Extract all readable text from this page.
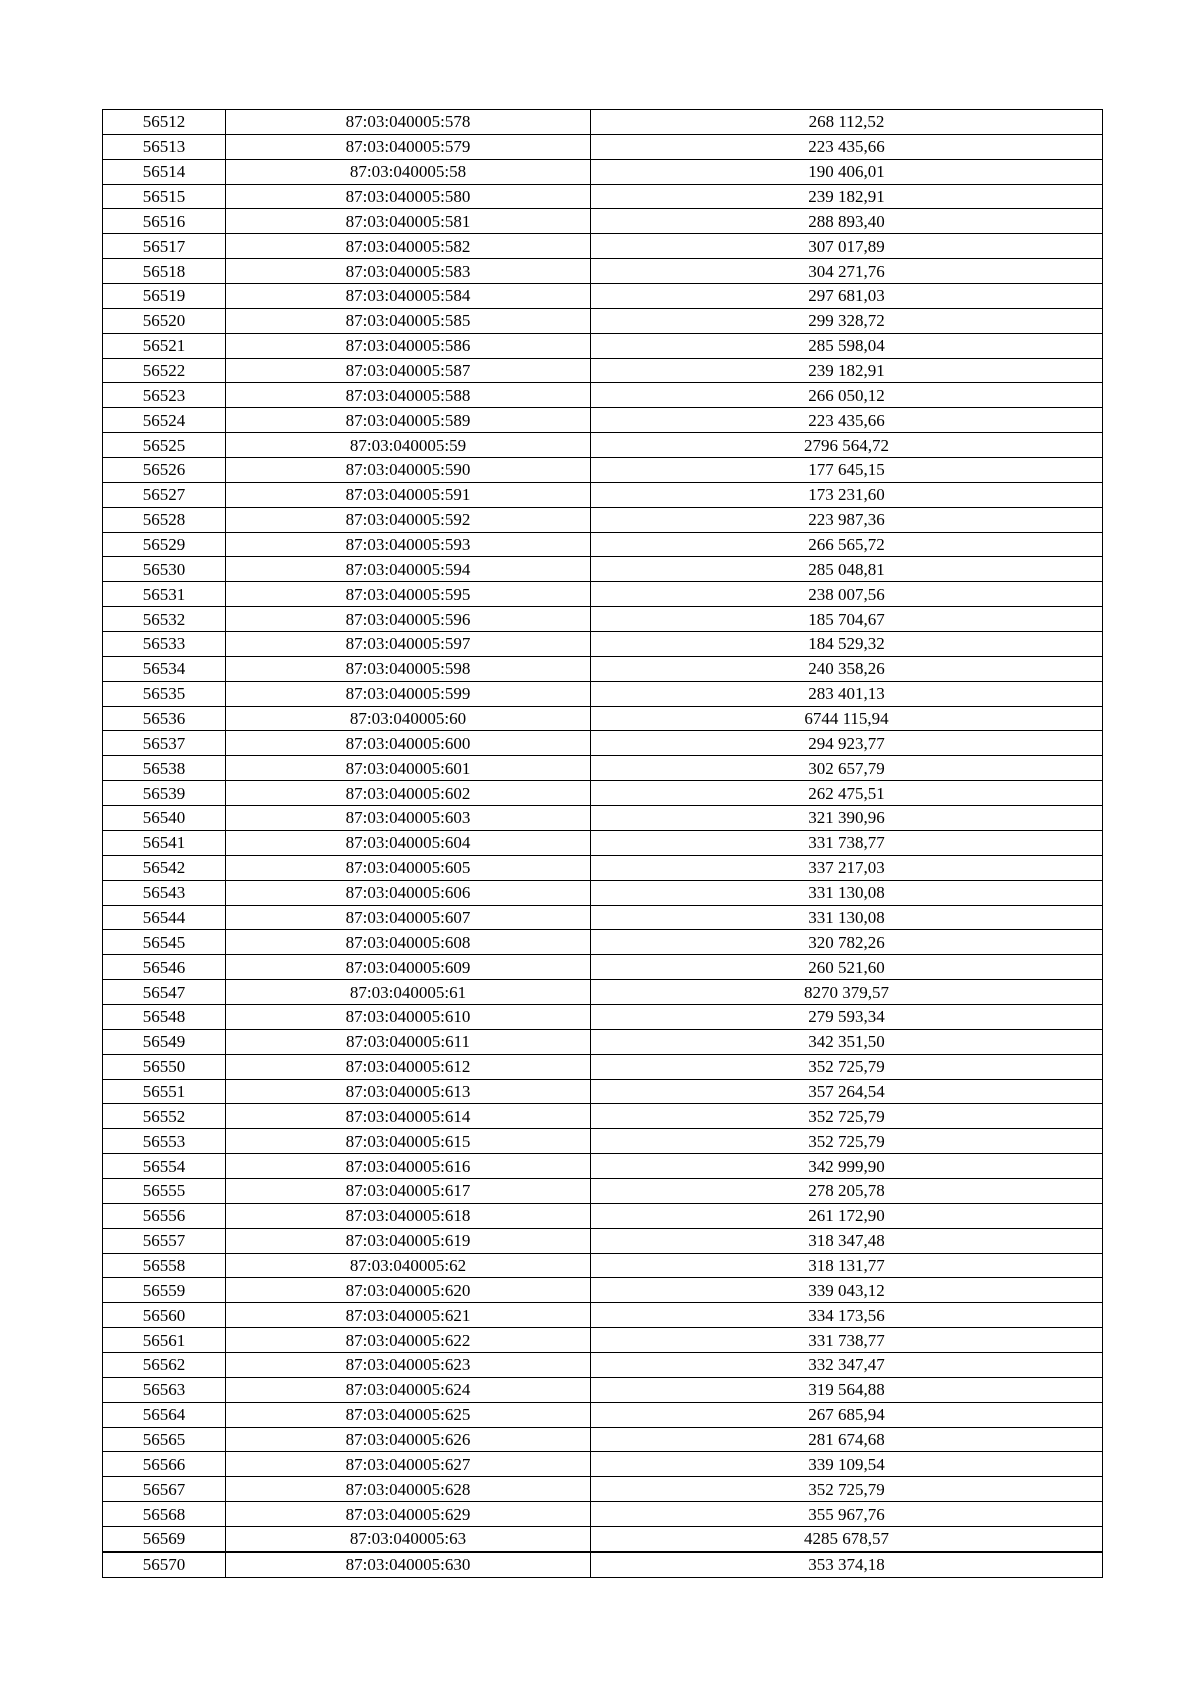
56512	87:03:040005:578	268 112,52
56513	87:03:040005:579	223 435,66
56514	87:03:040005:58	190 406,01
56515	87:03:040005:580	239 182,91
56516	87:03:040005:581	288 893,40
56517	87:03:040005:582	307 017,89
56518	87:03:040005:583	304 271,76
56519	87:03:040005:584	297 681,03
56520	87:03:040005:585	299 328,72
56521	87:03:040005:586	285 598,04
56522	87:03:040005:587	239 182,91
56523	87:03:040005:588	266 050,12
56524	87:03:040005:589	223 435,66
56525	87:03:040005:59	2796 564,72
56526	87:03:040005:590	177 645,15
56527	87:03:040005:591	173 231,60
56528	87:03:040005:592	223 987,36
56529	87:03:040005:593	266 565,72
56530	87:03:040005:594	285 048,81
56531	87:03:040005:595	238 007,56
56532	87:03:040005:596	185 704,67
56533	87:03:040005:597	184 529,32
56534	87:03:040005:598	240 358,26
56535	87:03:040005:599	283 401,13
56536	87:03:040005:60	6744 115,94
56537	87:03:040005:600	294 923,77
56538	87:03:040005:601	302 657,79
56539	87:03:040005:602	262 475,51
56540	87:03:040005:603	321 390,96
56541	87:03:040005:604	331 738,77
56542	87:03:040005:605	337 217,03
56543	87:03:040005:606	331 130,08
56544	87:03:040005:607	331 130,08
56545	87:03:040005:608	320 782,26
56546	87:03:040005:609	260 521,60
56547	87:03:040005:61	8270 379,57
56548	87:03:040005:610	279 593,34
56549	87:03:040005:611	342 351,50
56550	87:03:040005:612	352 725,79
56551	87:03:040005:613	357 264,54
56552	87:03:040005:614	352 725,79
56553	87:03:040005:615	352 725,79
56554	87:03:040005:616	342 999,90
56555	87:03:040005:617	278 205,78
56556	87:03:040005:618	261 172,90
56557	87:03:040005:619	318 347,48
56558	87:03:040005:62	318 131,77
56559	87:03:040005:620	339 043,12
56560	87:03:040005:621	334 173,56
56561	87:03:040005:622	331 738,77
56562	87:03:040005:623	332 347,47
56563	87:03:040005:624	319 564,88
56564	87:03:040005:625	267 685,94
56565	87:03:040005:626	281 674,68
56566	87:03:040005:627	339 109,54
56567	87:03:040005:628	352 725,79
56568	87:03:040005:629	355 967,76
56569	87:03:040005:63	4285 678,57
56570	87:03:040005:630	353 374,18
